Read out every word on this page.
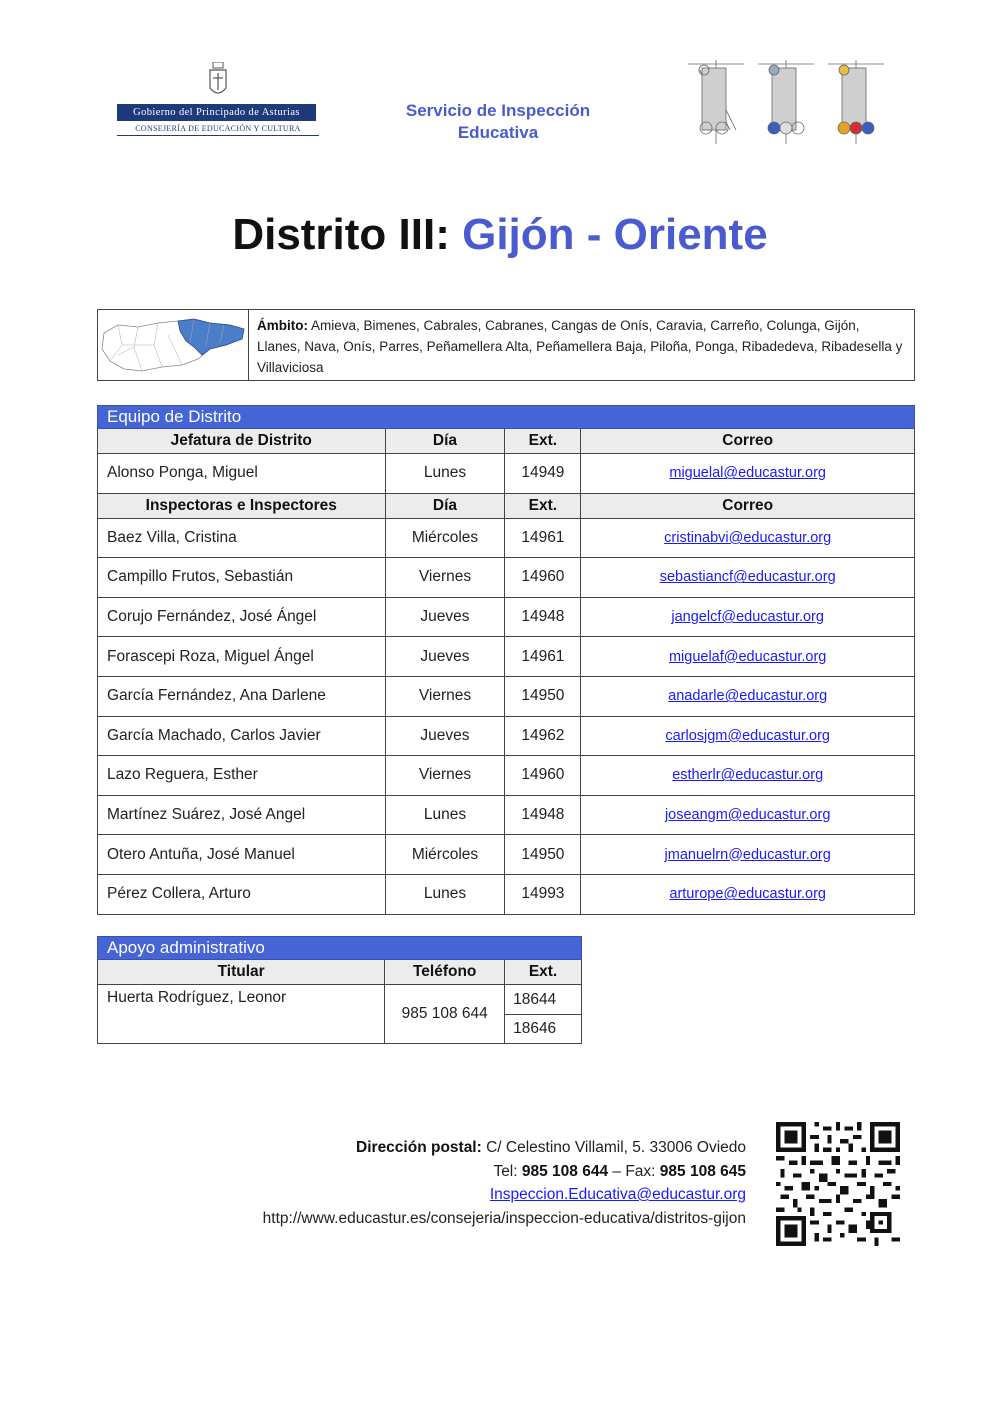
Gobierno del Principado de Asturias
CONSEJERÍA DE EDUCACIÓN Y CULTURA
Servicio de Inspección
Educativa
Distrito III: Gijón - Oriente
Ámbito: Amieva, Bimenes, Cabrales, Cabranes, Cangas de Onís, Caravia, Carreño, Colunga, Gijón, Llanes, Nava, Onís, Parres, Peñamellera Alta, Peñamellera Baja, Piloña, Ponga, Ribadedeva, Ribadesella y Villaviciosa
Equipo de Distrito			
Jefatura de Distrito	Día	Ext.	Correo
Alonso Ponga, Miguel	Lunes	14949	miguelal@educastur.org
Inspectoras e Inspectores	Día	Ext.	Correo
Baez Villa, Cristina	Miércoles	14961	cristinabvi@educastur.org
Campillo Frutos, Sebastián	Viernes	14960	sebastiancf@educastur.org
Corujo Fernández, José Ángel	Jueves	14948	jangelcf@educastur.org
Forascepi Roza, Miguel Ángel	Jueves	14961	miguelaf@educastur.org
García Fernández, Ana Darlene	Viernes	14950	anadarle@educastur.org
García Machado, Carlos Javier	Jueves	14962	carlosjgm@educastur.org
Lazo Reguera, Esther	Viernes	14960	estherlr@educastur.org
Martínez Suárez, José Angel	Lunes	14948	joseangm@educastur.org
Otero Antuña, José Manuel	Miércoles	14950	jmanuelrn@educastur.org
Pérez Collera, Arturo	Lunes	14993	arturope@educastur.org
Apoyo administrativo		
Titular	Teléfono	Ext.
Huerta Rodríguez, Leonor	985 108 644	18644
		18646
Dirección postal: C/ Celestino Villamil, 5. 33006 Oviedo
Tel: 985 108 644 – Fax: 985 108 645
Inspeccion.Educativa@educastur.org
http://www.educastur.es/consejeria/inspeccion-educativa/distritos-gijon
